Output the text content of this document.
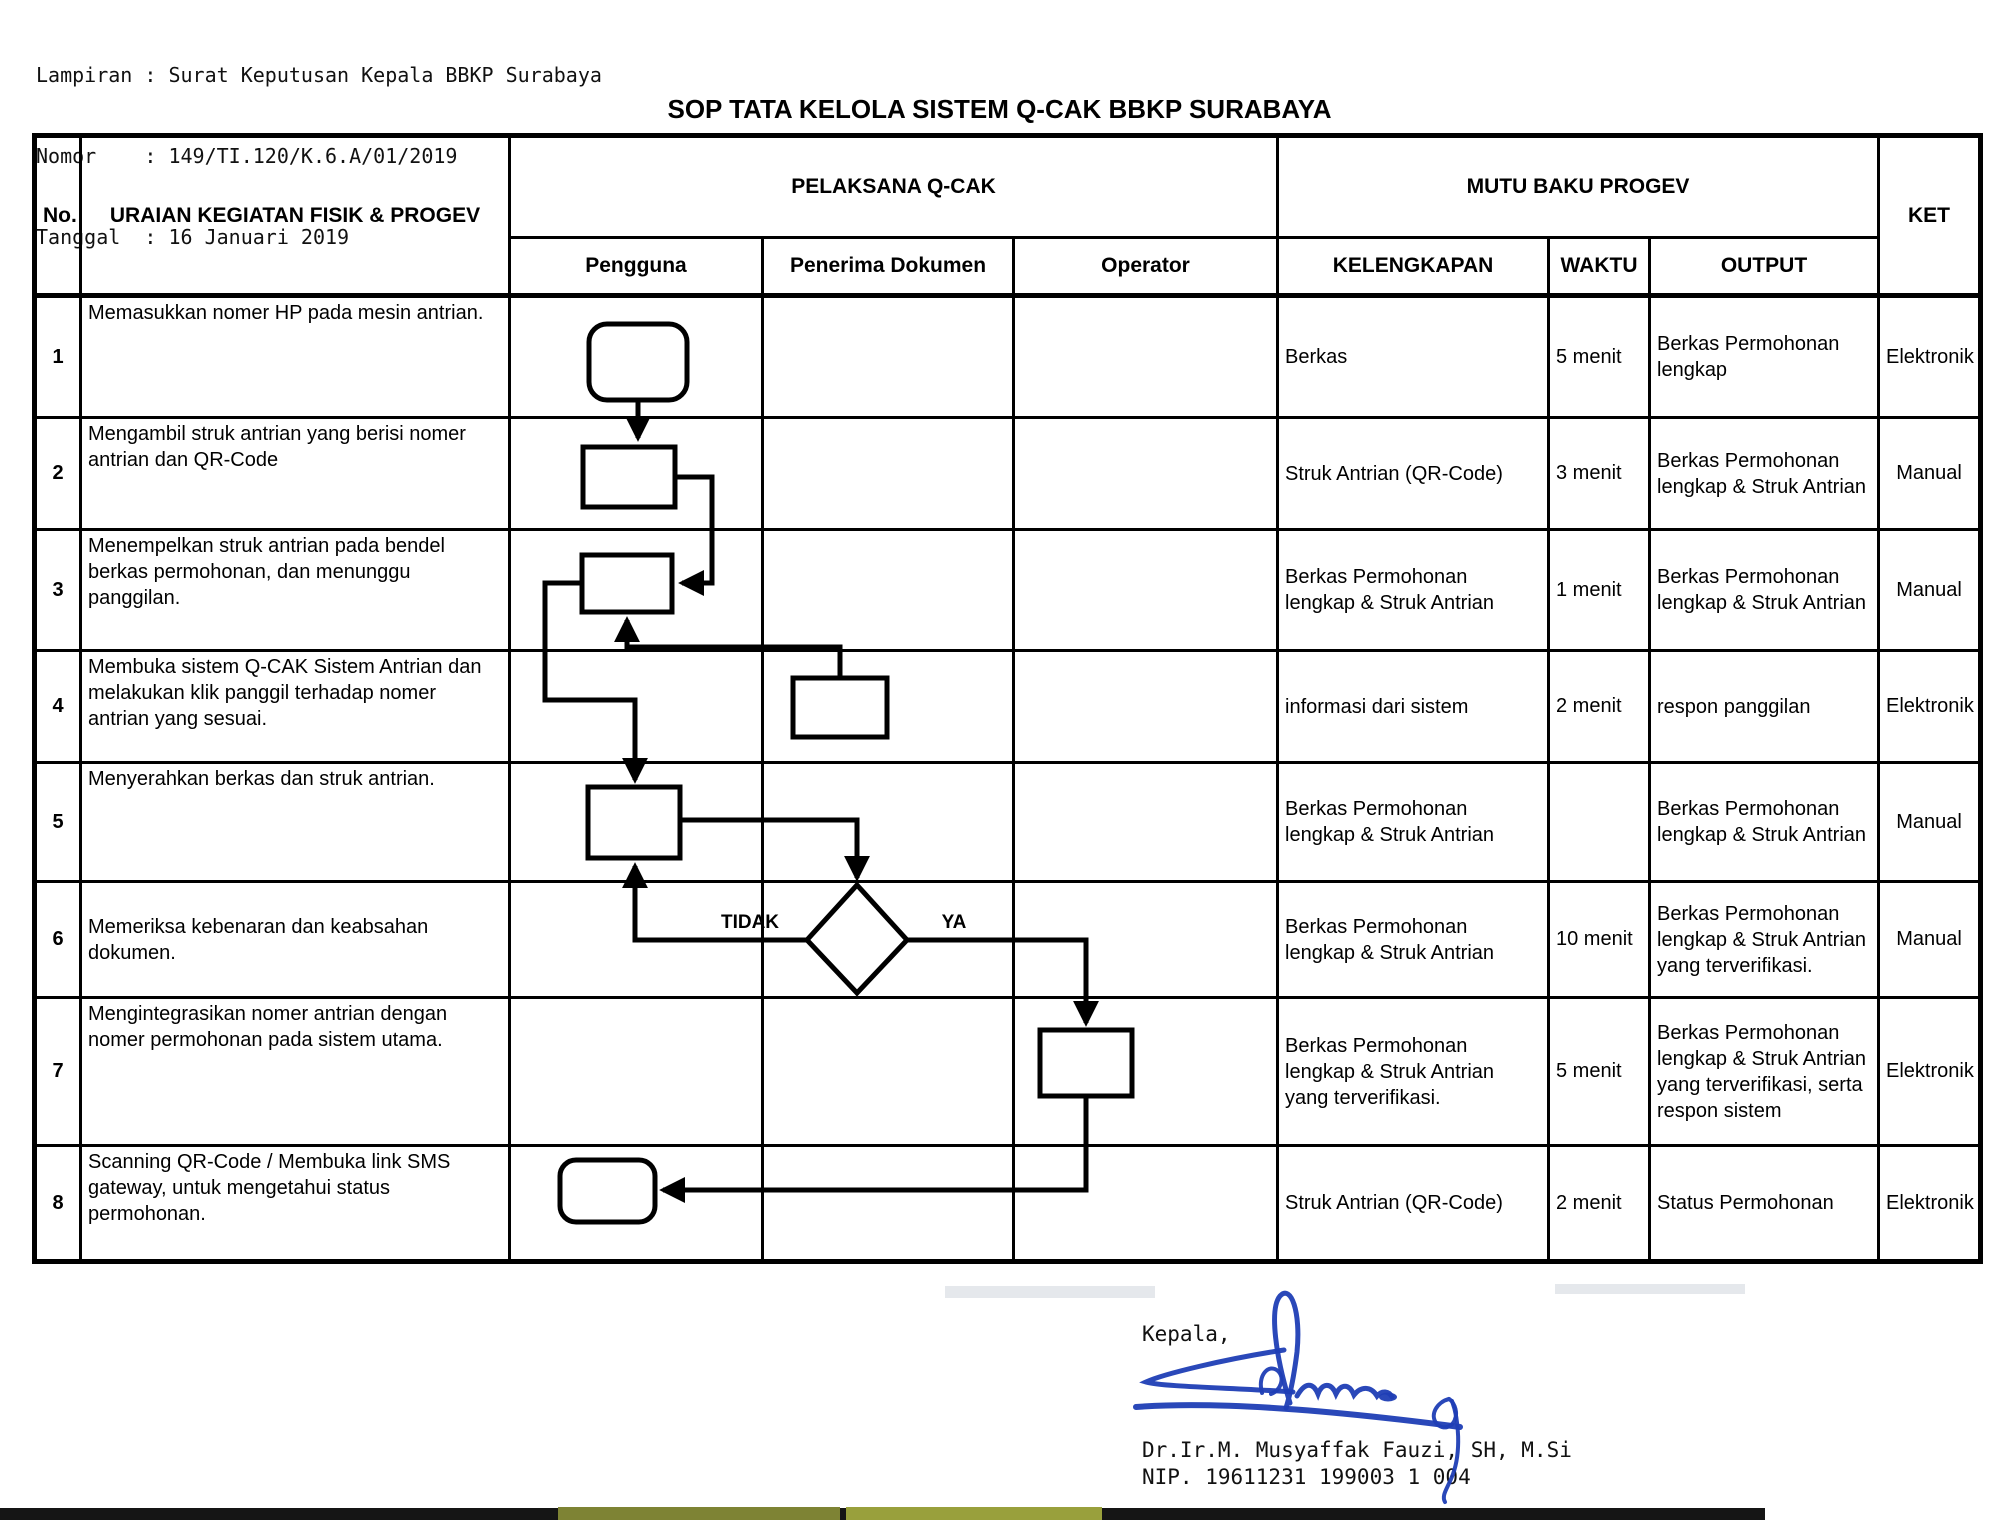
Lampiran : Surat Keputusan Kepala BBKP Surabaya

Nomor    : 149/TI.120/K.6.A/01/2019

Tanggal  : 16 Januari 2019

SOP TATA KELOLA SISTEM Q-CAK BBKP SURABAYA
No.	URAIAN KEGIATAN FISIK & PROGEV	PELAKSANA Q-CAK			MUTU BAKU PROGEV			KET
		Pengguna	Penerima Dokumen	Operator	KELENGKAPAN	WAKTU	OUTPUT	
1	Memasukkan nomer HP pada mesin antrian.				Berkas	5 menit	Berkas Permohonan lengkap	Elektronik
2	Mengambil struk antrian yang berisi nomer antrian dan QR-Code				Struk Antrian (QR-Code)	3 menit	Berkas Permohonan lengkap & Struk Antrian	Manual
3	Menempelkan struk antrian pada bendel berkas permohonan, dan menunggu panggilan.				Berkas Permohonan lengkap & Struk Antrian	1 menit	Berkas Permohonan lengkap & Struk Antrian	Manual
4	Membuka sistem Q-CAK Sistem Antrian dan melakukan klik panggil terhadap nomer antrian yang sesuai.				informasi dari sistem	2 menit	respon panggilan	Elektronik
5	Menyerahkan berkas dan struk antrian.				Berkas Permohonan lengkap & Struk Antrian		Berkas Permohonan lengkap & Struk Antrian	Manual
6	Memeriksa kebenaran dan keabsahan dokumen.				Berkas Permohonan lengkap & Struk Antrian	10 menit	Berkas Permohonan lengkap & Struk Antrian yang terverifikasi.	Manual
7	Mengintegrasikan nomer antrian dengan nomer permohonan pada sistem utama.				Berkas Permohonan lengkap & Struk Antrian yang terverifikasi.	5 menit	Berkas Permohonan lengkap & Struk Antrian yang terverifikasi, serta respon sistem	Elektronik
8	Scanning QR-Code / Membuka link SMS gateway, untuk mengetahui status permohonan.				Struk Antrian (QR-Code)	2 menit	Status Permohonan	Elektronik
TIDAK	YA
Kepala,
Dr.Ir.M. Musyaffak Fauzi, SH, M.Si
NIP. 19611231 199003 1 004
